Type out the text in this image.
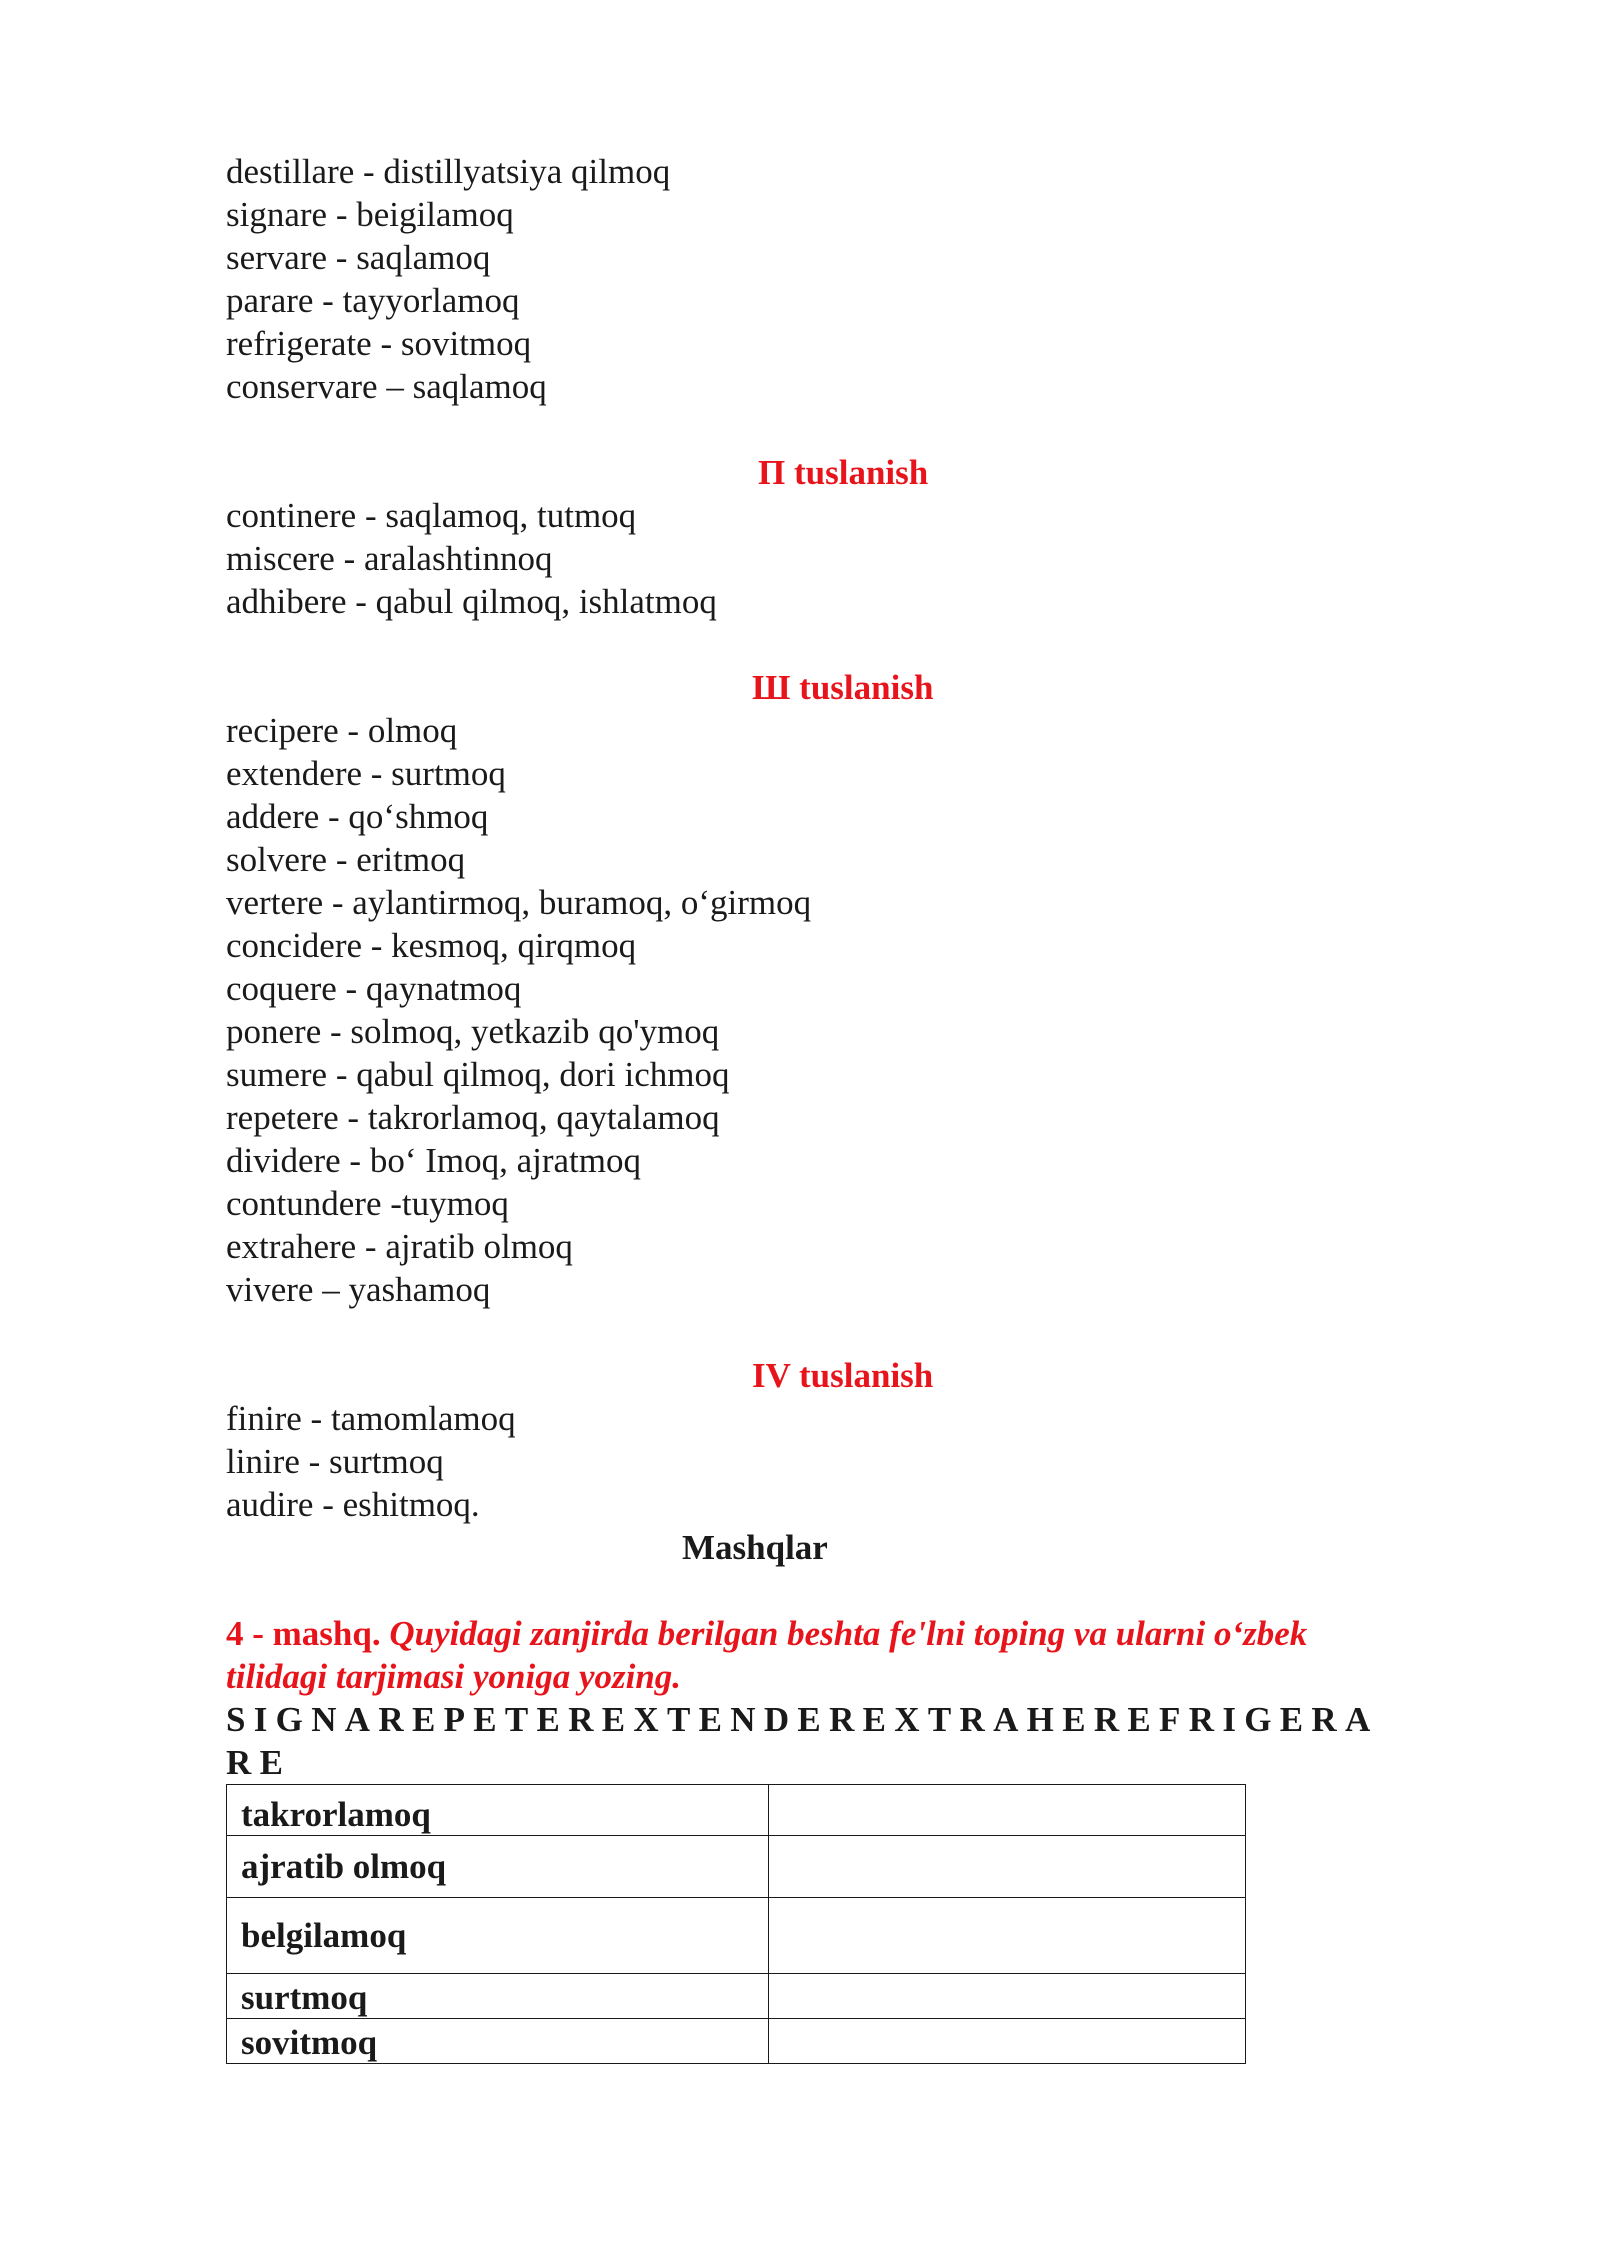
destillare - distillyatsiya qilmoq
signare - beigilamoq
servare - saqlamoq
parare - tayyorlamoq
refrigerate - sovitmoq
conservare – saqlamoq
П tuslanish
continere - saqlamoq, tutmoq
miscere - aralashtinnoq
adhibere - qabul qilmoq, ishlatmoq
Ш tuslanish
recipere - olmoq
extendere - surtmoq
addere - qo‘shmoq
solvere - eritmoq
vertere - aylantirmoq, buramoq, o‘girmoq
concidere - kesmoq, qirqmoq
coquere - qaynatmoq
ponere - solmoq, yetkazib qo'ymoq
sumere - qabul qilmoq, dori ichmoq
repetere - takrorlamoq, qaytalamoq
dividere - bo‘ Imoq, ajratmoq
contundere -tuymoq
extrahere - ajratib olmoq
vivere – yashamoq
IV tuslanish
finire - tamomlamoq
linire - surtmoq
audire - eshitmoq.
Mashqlar
4 - mashq. Quyidagi zanjirda berilgan beshta fe'lni toping va ularni o‘zbek
tilidagi tarjimasi yoniga yozing.
SIGNAREPETEREXTENDEREXTRAHEREFRIGERA
RE
takrorlamoq	
ajratib olmoq	
belgilamoq	
surtmoq	
sovitmoq	
